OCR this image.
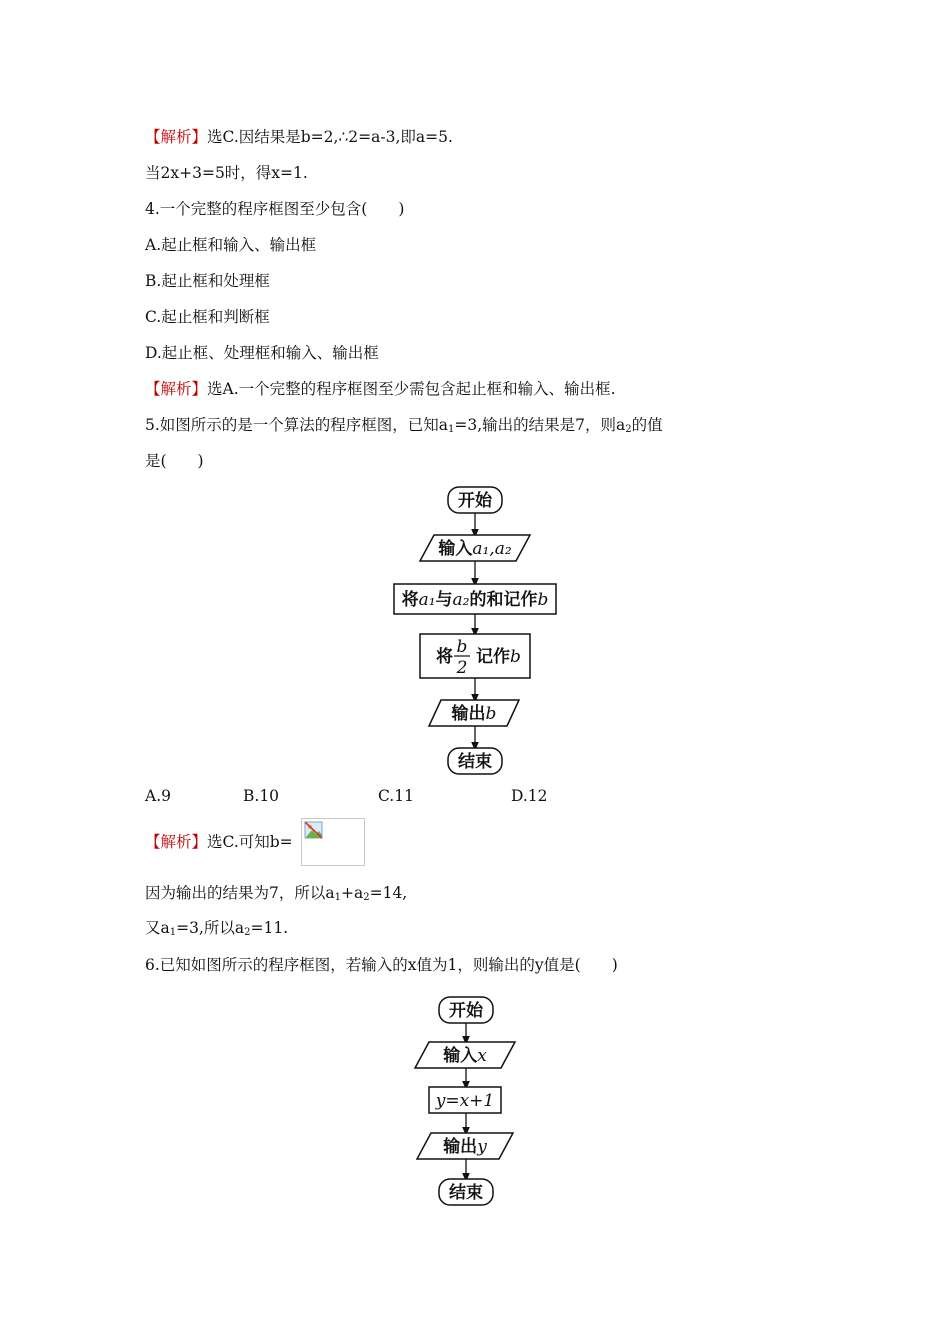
【解析】选C.因结果是b=2,∴2=a-3,即a=5.
当2x+3=5时，得x=1.
4.一个完整的程序框图至少包含(　　)
A.起止框和输入、输出框
B.起止框和处理框
C.起止框和判断框
D.起止框、处理框和输入、输出框
【解析】选A.一个完整的程序框图至少需包含起止框和输入、输出框.
5.如图所示的是一个算法的程序框图，已知$a_1=3$,输出的结果是7，则$a_2$的值
是(　　)
开始
输入a₁,a₂
将a₁与a₂的和记作b
将 b
2
记作b
输出b
结束
A.9	B.10	C.11	D.12
【解析】选C.可知b=
因为输出的结果为7，所以$a_1+a_2=14$,
又$a_1=3$,所以$a_2=11$.
6.已知如图所示的程序框图，若输入的x值为1，则输出的y值是(　　)
开始
输入x
y=x+1
输出y
结束
